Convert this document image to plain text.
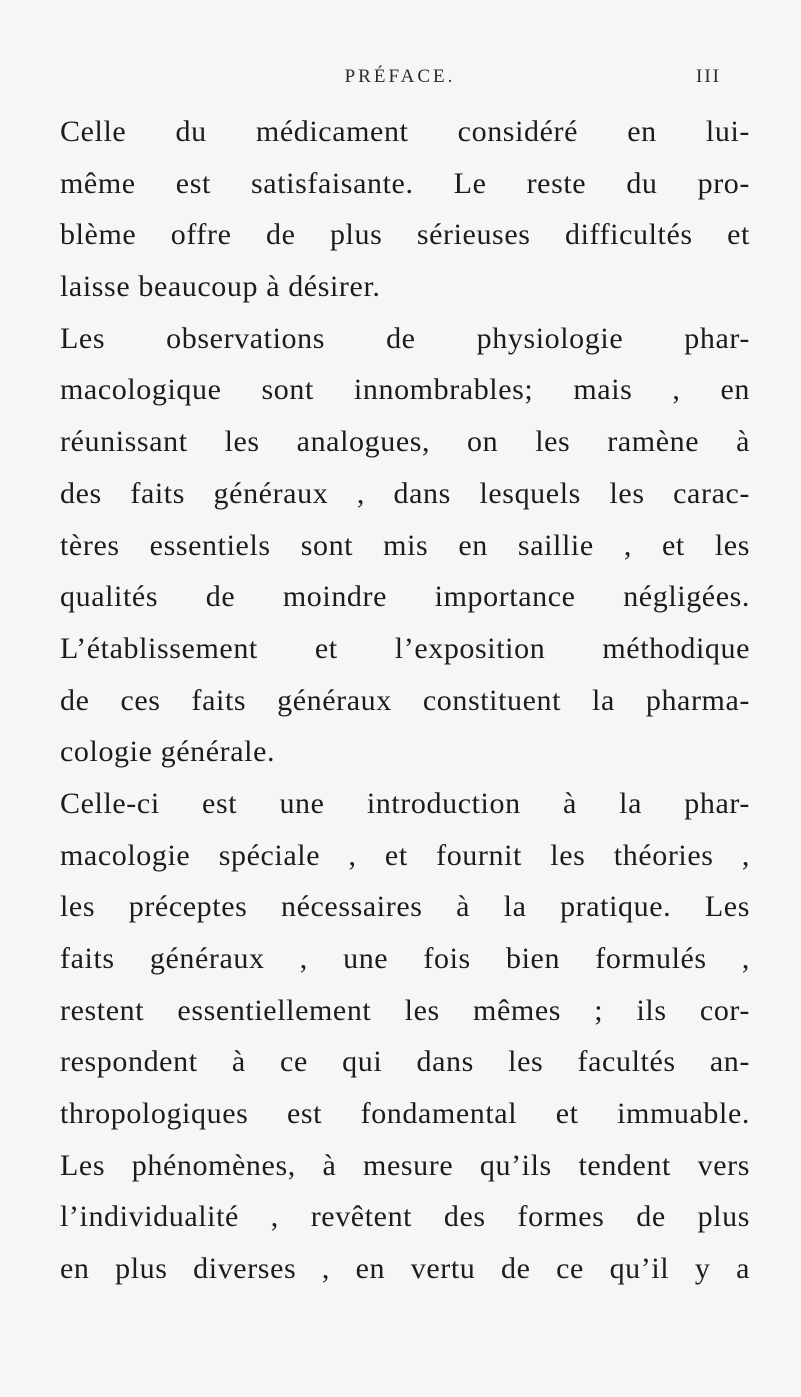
PRÉFACE.	III
Celle du médicament considéré en lui-
même est satisfaisante. Le reste du pro-
blème offre de plus sérieuses difficultés et
laisse beaucoup à désirer.
Les observations de physiologie phar-
macologique sont innombrables; mais , en
réunissant les analogues, on les ramène à
des faits généraux , dans lesquels les carac-
tères essentiels sont mis en saillie , et les
qualités de moindre importance négligées.
L’établissement et l’exposition méthodique
de ces faits généraux constituent la pharma-
cologie générale.
Celle-ci est une introduction à la phar-
macologie spéciale , et fournit les théories ,
les préceptes nécessaires à la pratique. Les
faits généraux , une fois bien formulés ,
restent essentiellement les mêmes ; ils cor-
respondent à ce qui dans les facultés an-
thropologiques est fondamental et immuable.
Les phénomènes, à mesure qu’ils tendent vers
l’individualité , revêtent des formes de plus
en plus diverses , en vertu de ce qu’il y a
